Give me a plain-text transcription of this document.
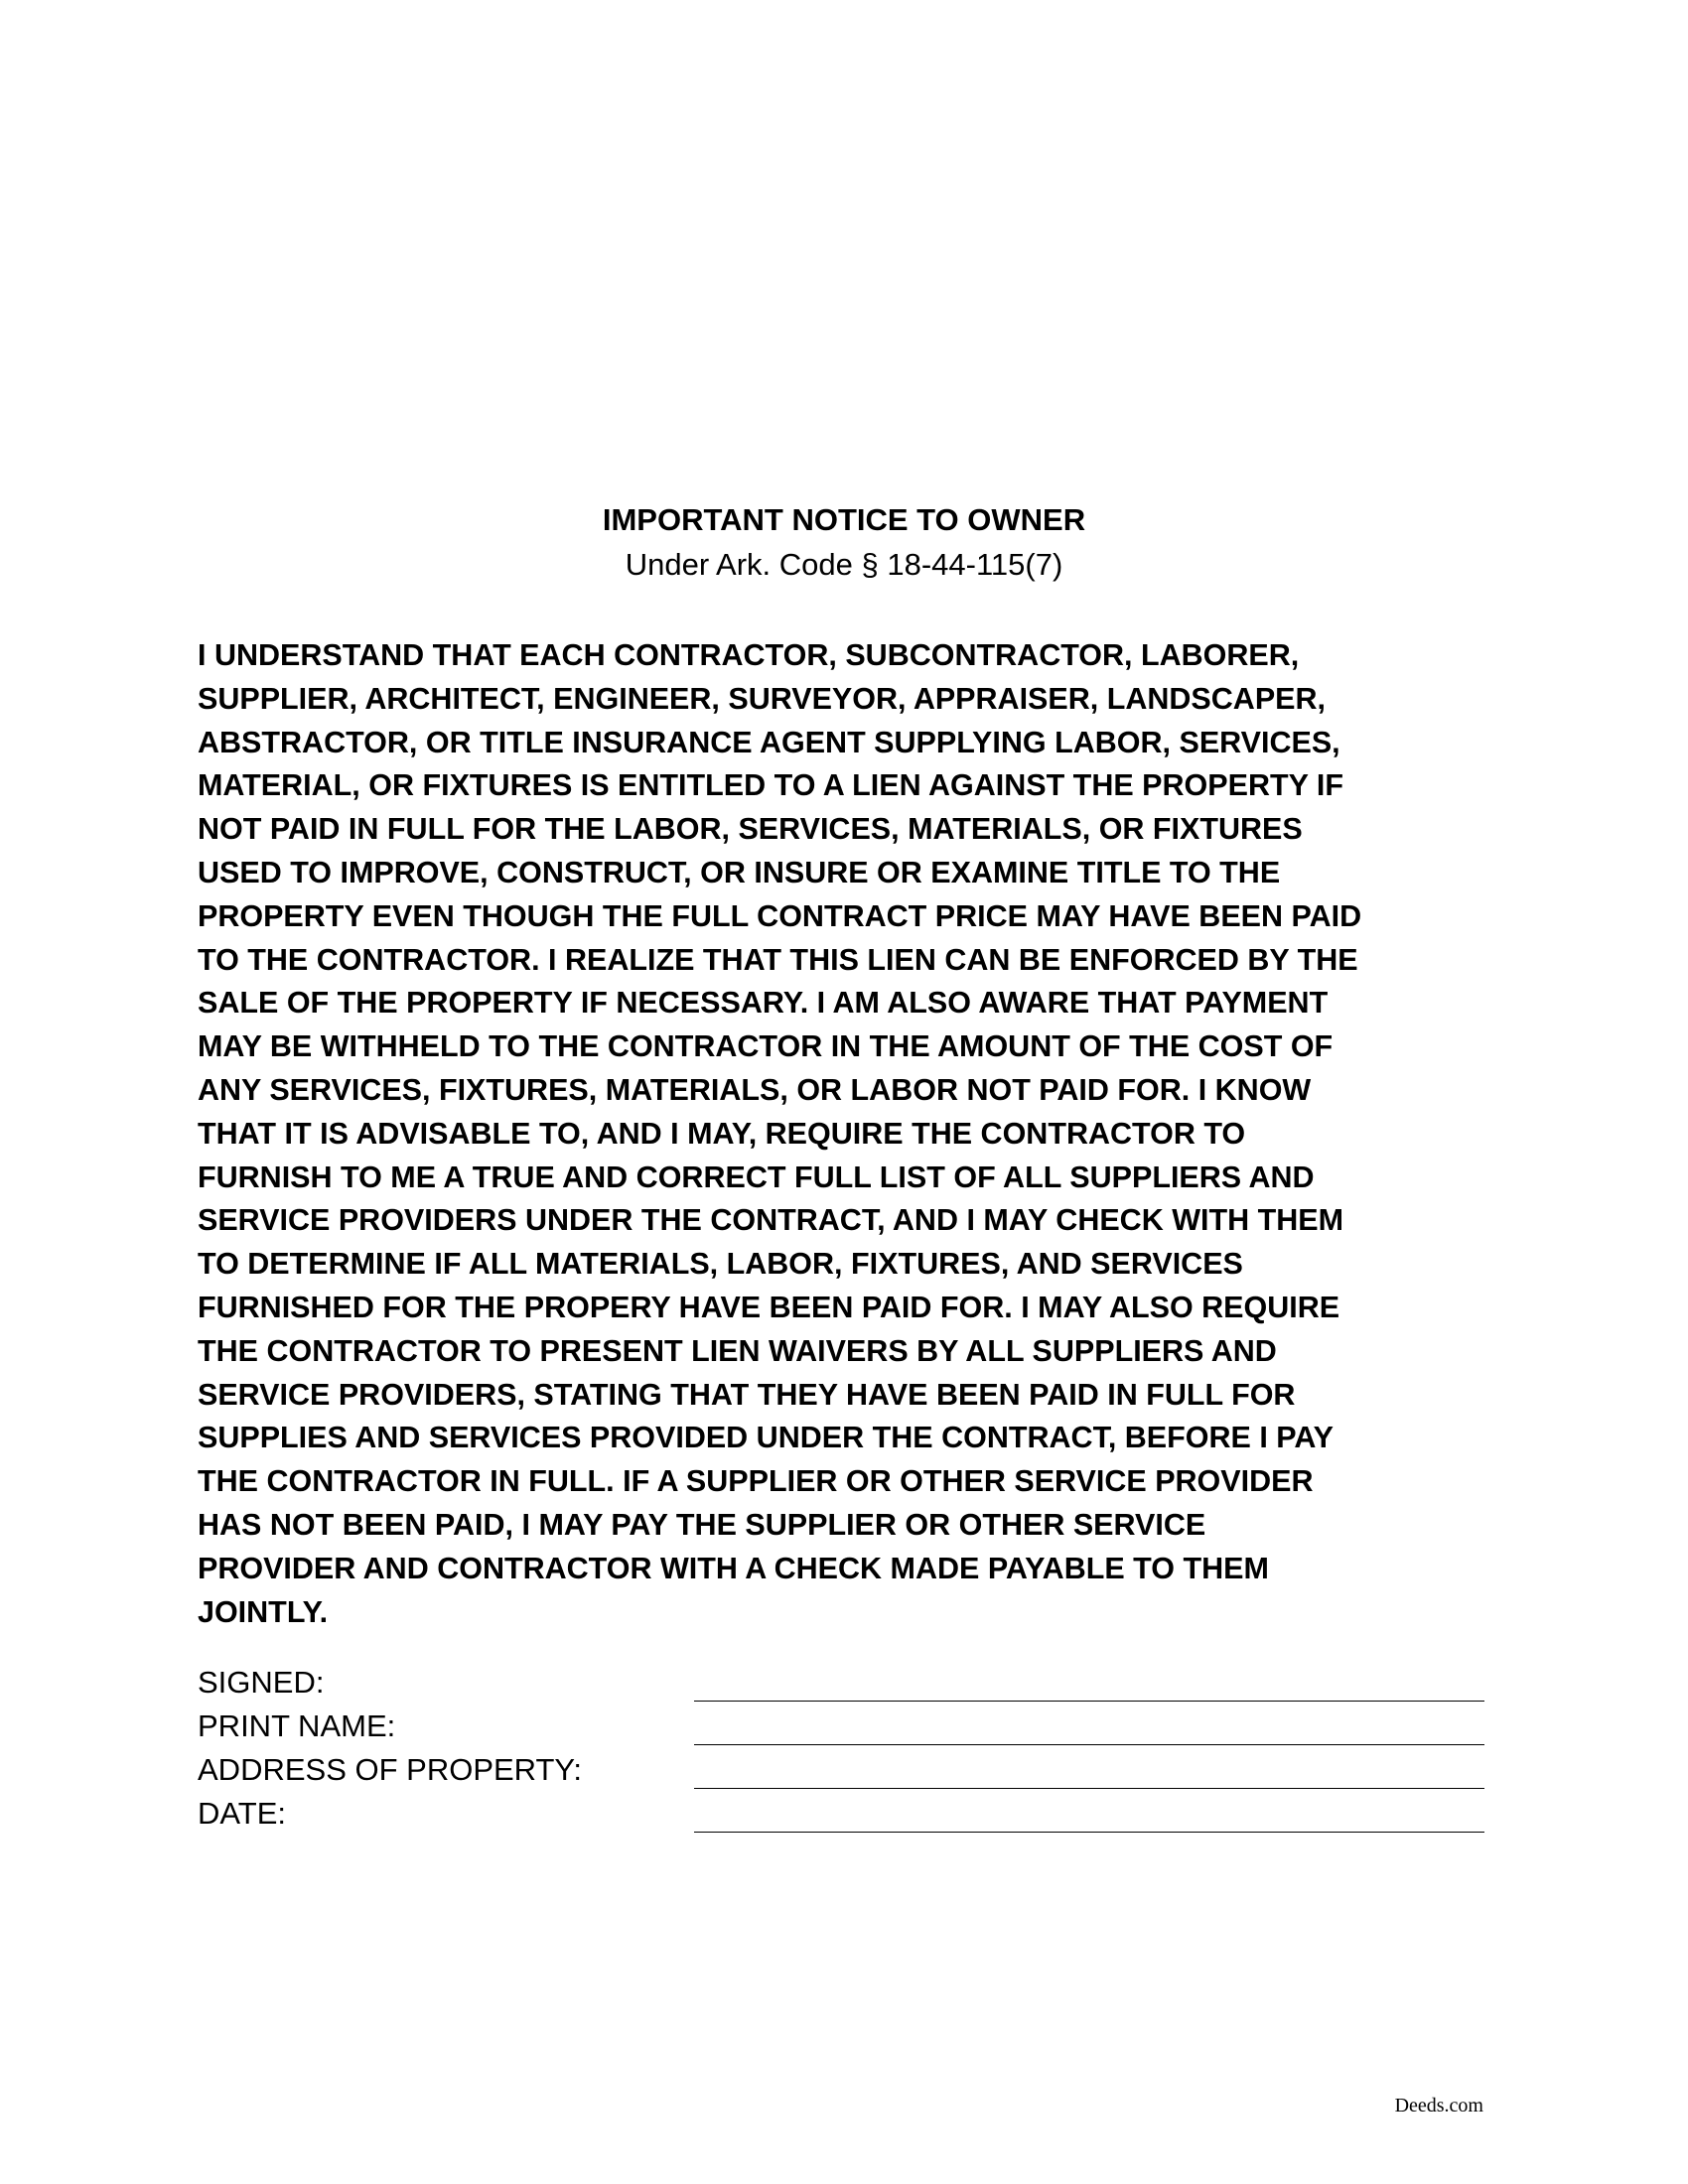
IMPORTANT NOTICE TO OWNER

Under Ark. Code § 18-44-115(7)

I UNDERSTAND THAT EACH CONTRACTOR, SUBCONTRACTOR, LABORER,
SUPPLIER, ARCHITECT, ENGINEER, SURVEYOR, APPRAISER, LANDSCAPER,
ABSTRACTOR, OR TITLE INSURANCE AGENT SUPPLYING LABOR, SERVICES,
MATERIAL, OR FIXTURES IS ENTITLED TO A LIEN AGAINST THE PROPERTY IF
NOT PAID IN FULL FOR THE LABOR, SERVICES, MATERIALS, OR FIXTURES
USED TO IMPROVE, CONSTRUCT, OR INSURE OR EXAMINE TITLE TO THE
PROPERTY EVEN THOUGH THE FULL CONTRACT PRICE MAY HAVE BEEN PAID
TO THE CONTRACTOR. I REALIZE THAT THIS LIEN CAN BE ENFORCED BY THE
SALE OF THE PROPERTY IF NECESSARY. I AM ALSO AWARE THAT PAYMENT
MAY BE WITHHELD TO THE CONTRACTOR IN THE AMOUNT OF THE COST OF
ANY SERVICES, FIXTURES, MATERIALS, OR LABOR NOT PAID FOR. I KNOW
THAT IT IS ADVISABLE TO, AND I MAY, REQUIRE THE CONTRACTOR TO
FURNISH TO ME A TRUE AND CORRECT FULL LIST OF ALL SUPPLIERS AND
SERVICE PROVIDERS UNDER THE CONTRACT, AND I MAY CHECK WITH THEM
TO DETERMINE IF ALL MATERIALS, LABOR, FIXTURES, AND SERVICES
FURNISHED FOR THE PROPERY HAVE BEEN PAID FOR. I MAY ALSO REQUIRE
THE CONTRACTOR TO PRESENT LIEN WAIVERS BY ALL SUPPLIERS AND
SERVICE PROVIDERS, STATING THAT THEY HAVE BEEN PAID IN FULL FOR
SUPPLIES AND SERVICES PROVIDED UNDER THE CONTRACT, BEFORE I PAY
THE CONTRACTOR IN FULL. IF A SUPPLIER OR OTHER SERVICE PROVIDER
HAS NOT BEEN PAID, I MAY PAY THE SUPPLIER OR OTHER SERVICE
PROVIDER AND CONTRACTOR WITH A CHECK MADE PAYABLE TO THEM
JOINTLY.
SIGNED:
PRINT NAME:
ADDRESS OF PROPERTY:
DATE:
Deeds.com
